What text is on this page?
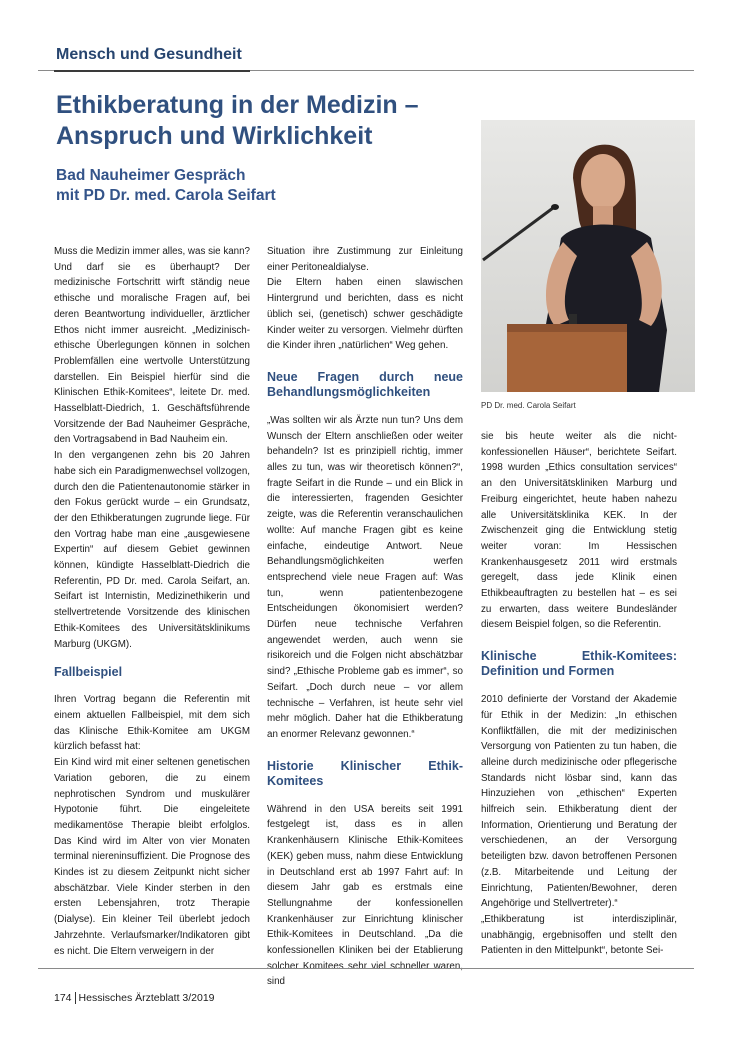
Mensch und Gesundheit
Ethikberatung in der Medizin –
Anspruch und Wirklichkeit
Bad Nauheimer Gespräch
mit PD Dr. med. Carola Seifart
PD Dr. med. Carola Seifart

Muss die Medizin immer alles, was sie kann? Und darf sie es überhaupt? Der medizinische Fortschritt wirft ständig neue ethische und moralische Fragen auf, bei deren Beantwortung individueller, ärztlicher Ethos nicht immer ausreicht. „Medizinisch-ethische Überlegungen können in solchen Problemfällen eine wertvolle Unterstützung darstellen. Ein Beispiel hierfür sind die Klinischen Ethik-Komitees“, leitete Dr. med. Hasselblatt-Diedrich, 1. Geschäftsführende Vorsitzende der Bad Nauheimer Gespräche, den Vortragsabend in Bad Nauheim ein.

In den vergangenen zehn bis 20 Jahren habe sich ein Paradigmenwechsel vollzogen, durch den die Patientenautonomie stärker in den Fokus gerückt wurde – ein Grundsatz, der den Ethikberatungen zugrunde liege. Für den Vortrag habe man eine „ausgewiesene Expertin“ auf diesem Gebiet gewinnen können, kündigte Hasselblatt-Diedrich die Referentin, PD Dr. med. Carola Seifart, an. Seifart ist Internistin, Medizinethikerin und stellvertretende Vorsitzende des klinischen Ethik-Komitees des Universitätsklinikums Marburg (UKGM).

Fallbeispiel

Ihren Vortrag begann die Referentin mit einem aktuellen Fallbeispiel, mit dem sich das Klinische Ethik-Komitee am UKGM kürzlich befasst hat:

Ein Kind wird mit einer seltenen genetischen Variation geboren, die zu einem nephrotischen Syndrom und muskulärer Hypotonie führt. Die eingeleitete medikamentöse Therapie bleibt erfolglos. Das Kind wird im Alter von vier Monaten terminal niereninsuffizient. Die Prognose des Kindes ist zu diesem Zeitpunkt nicht sicher abschätzbar. Viele Kinder sterben in den ersten Lebensjahren, trotz Therapie (Dialyse). Ein kleiner Teil überlebt jedoch Jahrzehnte. Verlaufsmarker/Indikatoren gibt es nicht. Die Eltern verweigern in der

Situation ihre Zustimmung zur Einleitung einer Peritonealdialyse.

Die Eltern haben einen slawischen Hintergrund und berichten, dass es nicht üblich sei, (genetisch) schwer geschädigte Kinder weiter zu versorgen. Vielmehr dürften die Kinder ihren „natürlichen“ Weg gehen.

Neue Fragen durch neue Behandlungsmöglichkeiten

„Was sollten wir als Ärzte nun tun? Uns dem Wunsch der Eltern anschließen oder weiter behandeln? Ist es prinzipiell richtig, immer alles zu tun, was wir theoretisch können?“, fragte Seifart in die Runde – und ein Blick in die interessierten, fragenden Gesichter zeigte, was die Referentin veranschaulichen wollte: Auf manche Fragen gibt es keine einfache, eindeutige Antwort. Neue Behandlungsmöglichkeiten werfen entsprechend viele neue Fragen auf: Was tun, wenn patientenbezogene Entscheidungen ökonomisiert werden? Dürfen neue technische Verfahren angewendet werden, auch wenn sie risikoreich und die Folgen nicht abschätzbar sind? „Ethische Probleme gab es immer“, so Seifart. „Doch durch neue – vor allem technische – Verfahren, ist heute sehr viel mehr möglich. Daher hat die Ethikberatung an enormer Relevanz gewonnen.“

Historie Klinischer Ethik-Komitees

Während in den USA bereits seit 1991 festgelegt ist, dass es in allen Krankenhäusern Klinische Ethik-Komitees (KEK) geben muss, nahm diese Entwicklung in Deutschland erst ab 1997 Fahrt auf: In diesem Jahr gab es erstmals eine Stellungnahme der konfessionellen Krankenhäuser zur Einrichtung klinischer Ethik-Komitees in Deutschland. „Da die konfessionellen Kliniken bei der Etablierung solcher Komitees sehr viel schneller waren, sind

sie bis heute weiter als die nicht-konfessionellen Häuser“, berichtete Seifart. 1998 wurden „Ethics consultation services“ an den Universitätskliniken Marburg und Freiburg eingerichtet, heute haben nahezu alle Universitätsklinika KEK. In der Zwischenzeit ging die Entwicklung stetig weiter voran: Im Hessischen Krankenhausgesetz 2011 wird erstmals geregelt, dass jede Klinik einen Ethikbeauftragten zu bestellen hat – es sei zu erwarten, dass weitere Bundesländer diesem Beispiel folgen, so die Referentin.

Klinische Ethik-Komitees: Definition und Formen

2010 definierte der Vorstand der Akademie für Ethik in der Medizin: „In ethischen Konfliktfällen, die mit der medizinischen Versorgung von Patienten zu tun haben, die alleine durch medizinische oder pflegerische Standards nicht lösbar sind, kann das Hinzuziehen von „ethischen“ Experten hilfreich sein. Ethikberatung dient der Information, Orientierung und Beratung der verschiedenen, an der Versorgung beteiligten bzw. davon betroffenen Personen (z.B. Mitarbeitende und Leitung der Einrichtung, Patienten/Bewohner, deren Angehörige und Stellvertreter).“

„Ethikberatung ist interdisziplinär, unabhängig, ergebnisoffen und stellt den Patienten in den Mittelpunkt“, betonte Sei-

174 Hessisches Ärzteblatt 3/2019
